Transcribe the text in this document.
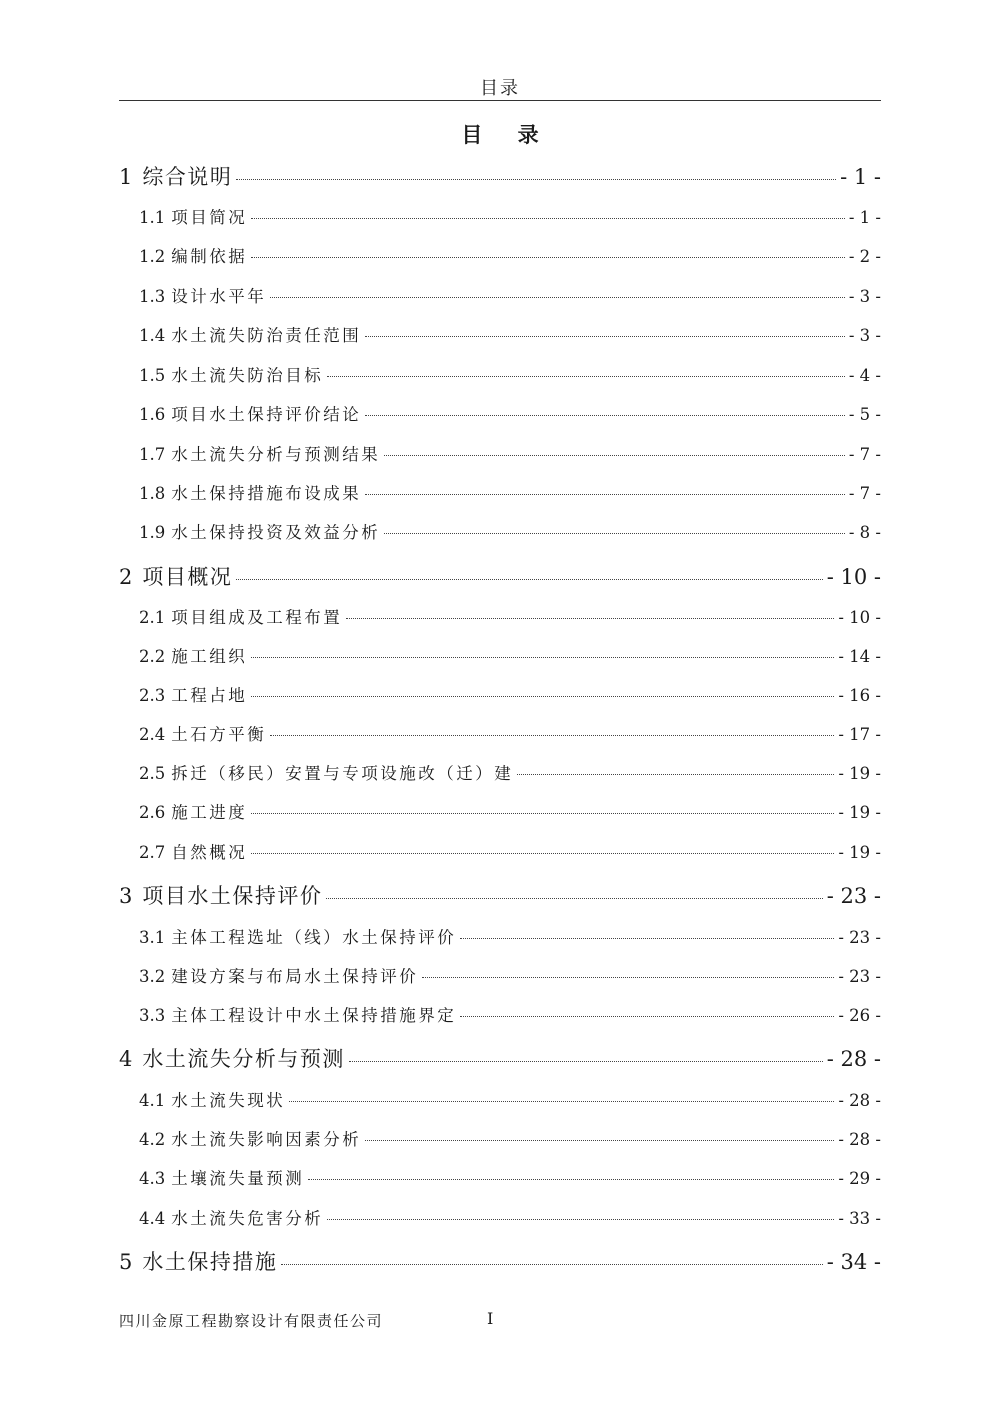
目录
目 录
1 综合说明	- 1 -
1.1 项目简况	- 1 -
1.2 编制依据	- 2 -
1.3 设计水平年	- 3 -
1.4 水土流失防治责任范围	- 3 -
1.5 水土流失防治目标	- 4 -
1.6 项目水土保持评价结论	- 5 -
1.7 水土流失分析与预测结果	- 7 -
1.8 水土保持措施布设成果	- 7 -
1.9 水土保持投资及效益分析	- 8 -
2 项目概况	- 10 -
2.1 项目组成及工程布置	- 10 -
2.2 施工组织	- 14 -
2.3 工程占地	- 16 -
2.4 土石方平衡	- 17 -
2.5 拆迁（移民）安置与专项设施改（迁）建	- 19 -
2.6 施工进度	- 19 -
2.7 自然概况	- 19 -
3 项目水土保持评价	- 23 -
3.1 主体工程选址（线）水土保持评价	- 23 -
3.2 建设方案与布局水土保持评价	- 23 -
3.3 主体工程设计中水土保持措施界定	- 26 -
4 水土流失分析与预测	- 28 -
4.1 水土流失现状	- 28 -
4.2 水土流失影响因素分析	- 28 -
4.3 土壤流失量预测	- 29 -
4.4 水土流失危害分析	- 33 -
5 水土保持措施	- 34 -
四川金原工程勘察设计有限责任公司	I
